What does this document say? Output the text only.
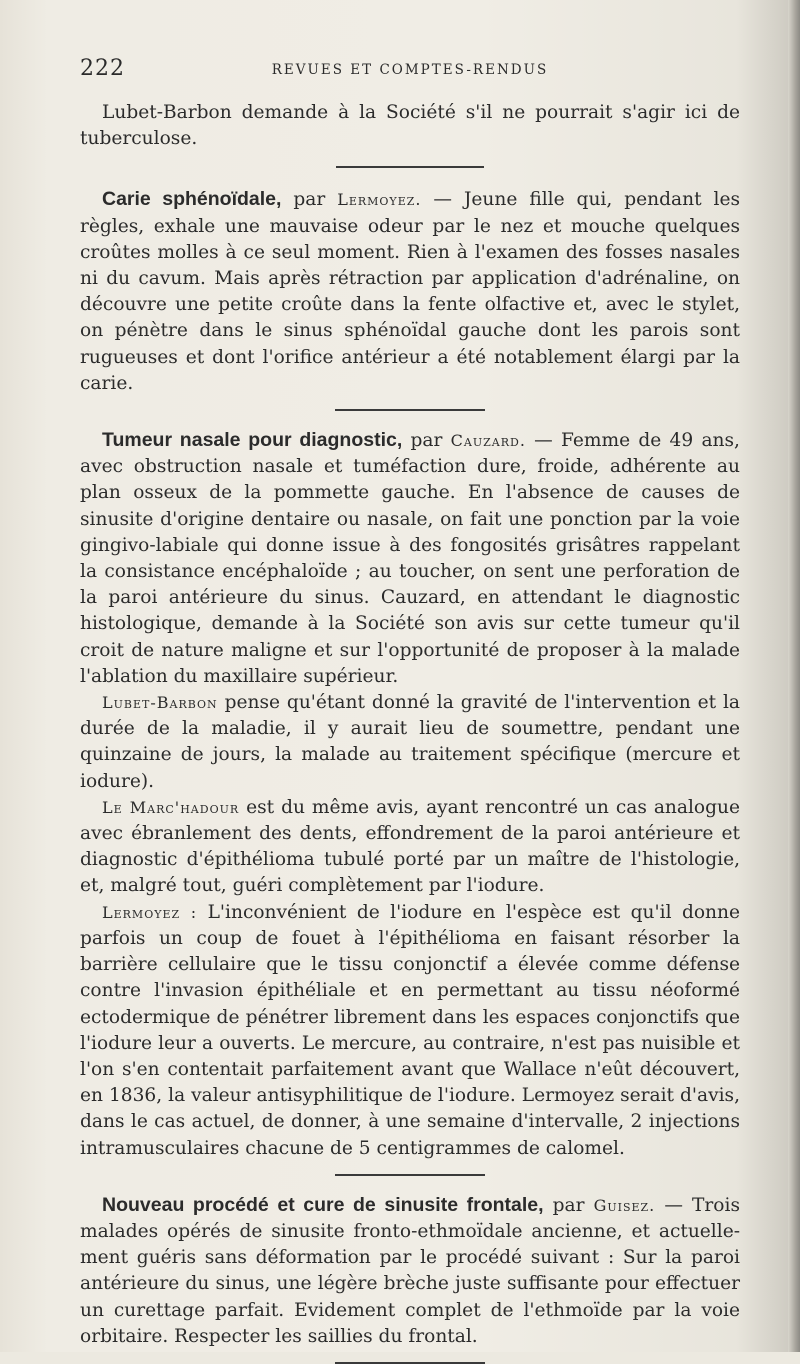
222	REVUES ET COMPTES-RENDUS

Lubet-Barbon demande à la Société s'il ne pourrait s'agir ici de tuberculose.

Carie sphénoïdale, par Lermoyez. — Jeune fille qui, pendant les règles, exhale une mauvaise odeur par le nez et mouche quelques croûtes molles à ce seul moment. Rien à l'examen des fosses nasales ni du cavum. Mais après rétraction par application d'adrénaline, on découvre une petite croûte dans la fente olfactive et, avec le stylet, on pénètre dans le sinus sphénoïdal gauche dont les parois sont rugueuses et dont l'orifice antérieur a été notablement élargi par la carie.

Tumeur nasale pour diagnostic, par Cauzard. — Femme de 49 ans, avec obstruction nasale et tuméfaction dure, froide, adhérente au plan osseux de la pommette gauche. En l'absence de causes de sinusite d'origine dentaire ou nasale, on fait une ponction par la voie gingivo-labiale qui donne issue à des fongosités grisâtres rappelant la consistance encéphaloïde ; au toucher, on sent une perforation de la paroi antérieure du sinus. Cauzard, en attendant le diagnostic histologique, demande à la Société son avis sur cette tumeur qu'il croit de nature maligne et sur l'opportunité de proposer à la malade l'ablation du maxillaire supérieur.

Lubet-Barbon pense qu'étant donné la gravité de l'intervention et la durée de la maladie, il y aurait lieu de soumettre, pendant une quinzaine de jours, la malade au traitement spécifique (mercure et iodure).

Le Marc'hadour est du même avis, ayant rencontré un cas analogue avec ébranlement des dents, effondrement de la paroi antérieure et diagnostic d'épithélioma tubulé porté par un maître de l'histologie, et, malgré tout, guéri complètement par l'iodure.

Lermoyez : L'inconvénient de l'iodure en l'espèce est qu'il donne parfois un coup de fouet à l'épithélioma en faisant résorber la barrière cellulaire que le tissu conjonctif a élevée comme défense contre l'invasion épithéliale et en permettant au tissu néoformé ectodermique de pénétrer librement dans les espaces conjonctifs que l'iodure leur a ouverts. Le mercure, au contraire, n'est pas nuisible et l'on s'en contentait parfaitement avant que Wallace n'eût découvert, en 1836, la valeur antisyphilitique de l'iodure. Lermoyez serait d'avis, dans le cas actuel, de donner, à une semaine d'intervalle, 2 injections intramusculaires chacune de 5 centigrammes de calomel.

Nouveau procédé et cure de sinusite frontale, par Guisez. — Trois malades opérés de sinusite fronto-ethmoïdale ancienne, et actuellement guéris sans déformation par le procédé suivant : Sur la paroi antérieure du sinus, une légère brèche juste suffisante pour effectuer un curettage parfait. Evidement complet de l'ethmoïde par la voie orbitaire. Respecter les saillies du frontal.
